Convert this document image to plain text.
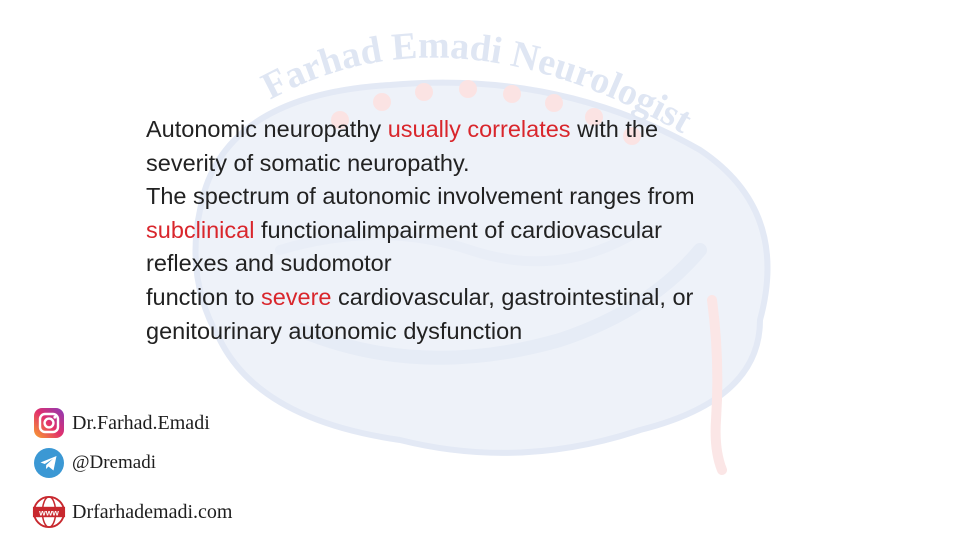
Farhad Emadi Neurologist
Autonomic neuropathy usually correlates with the
severity of somatic neuropathy.
The spectrum of autonomic involvement ranges from
subclinical functionalimpairment of cardiovascular
reflexes and sudomotor
function to severe cardiovascular, gastrointestinal, or
genitourinary autonomic dysfunction
Dr.Farhad.Emadi
@Dremadi
www Drfarhademadi.com
